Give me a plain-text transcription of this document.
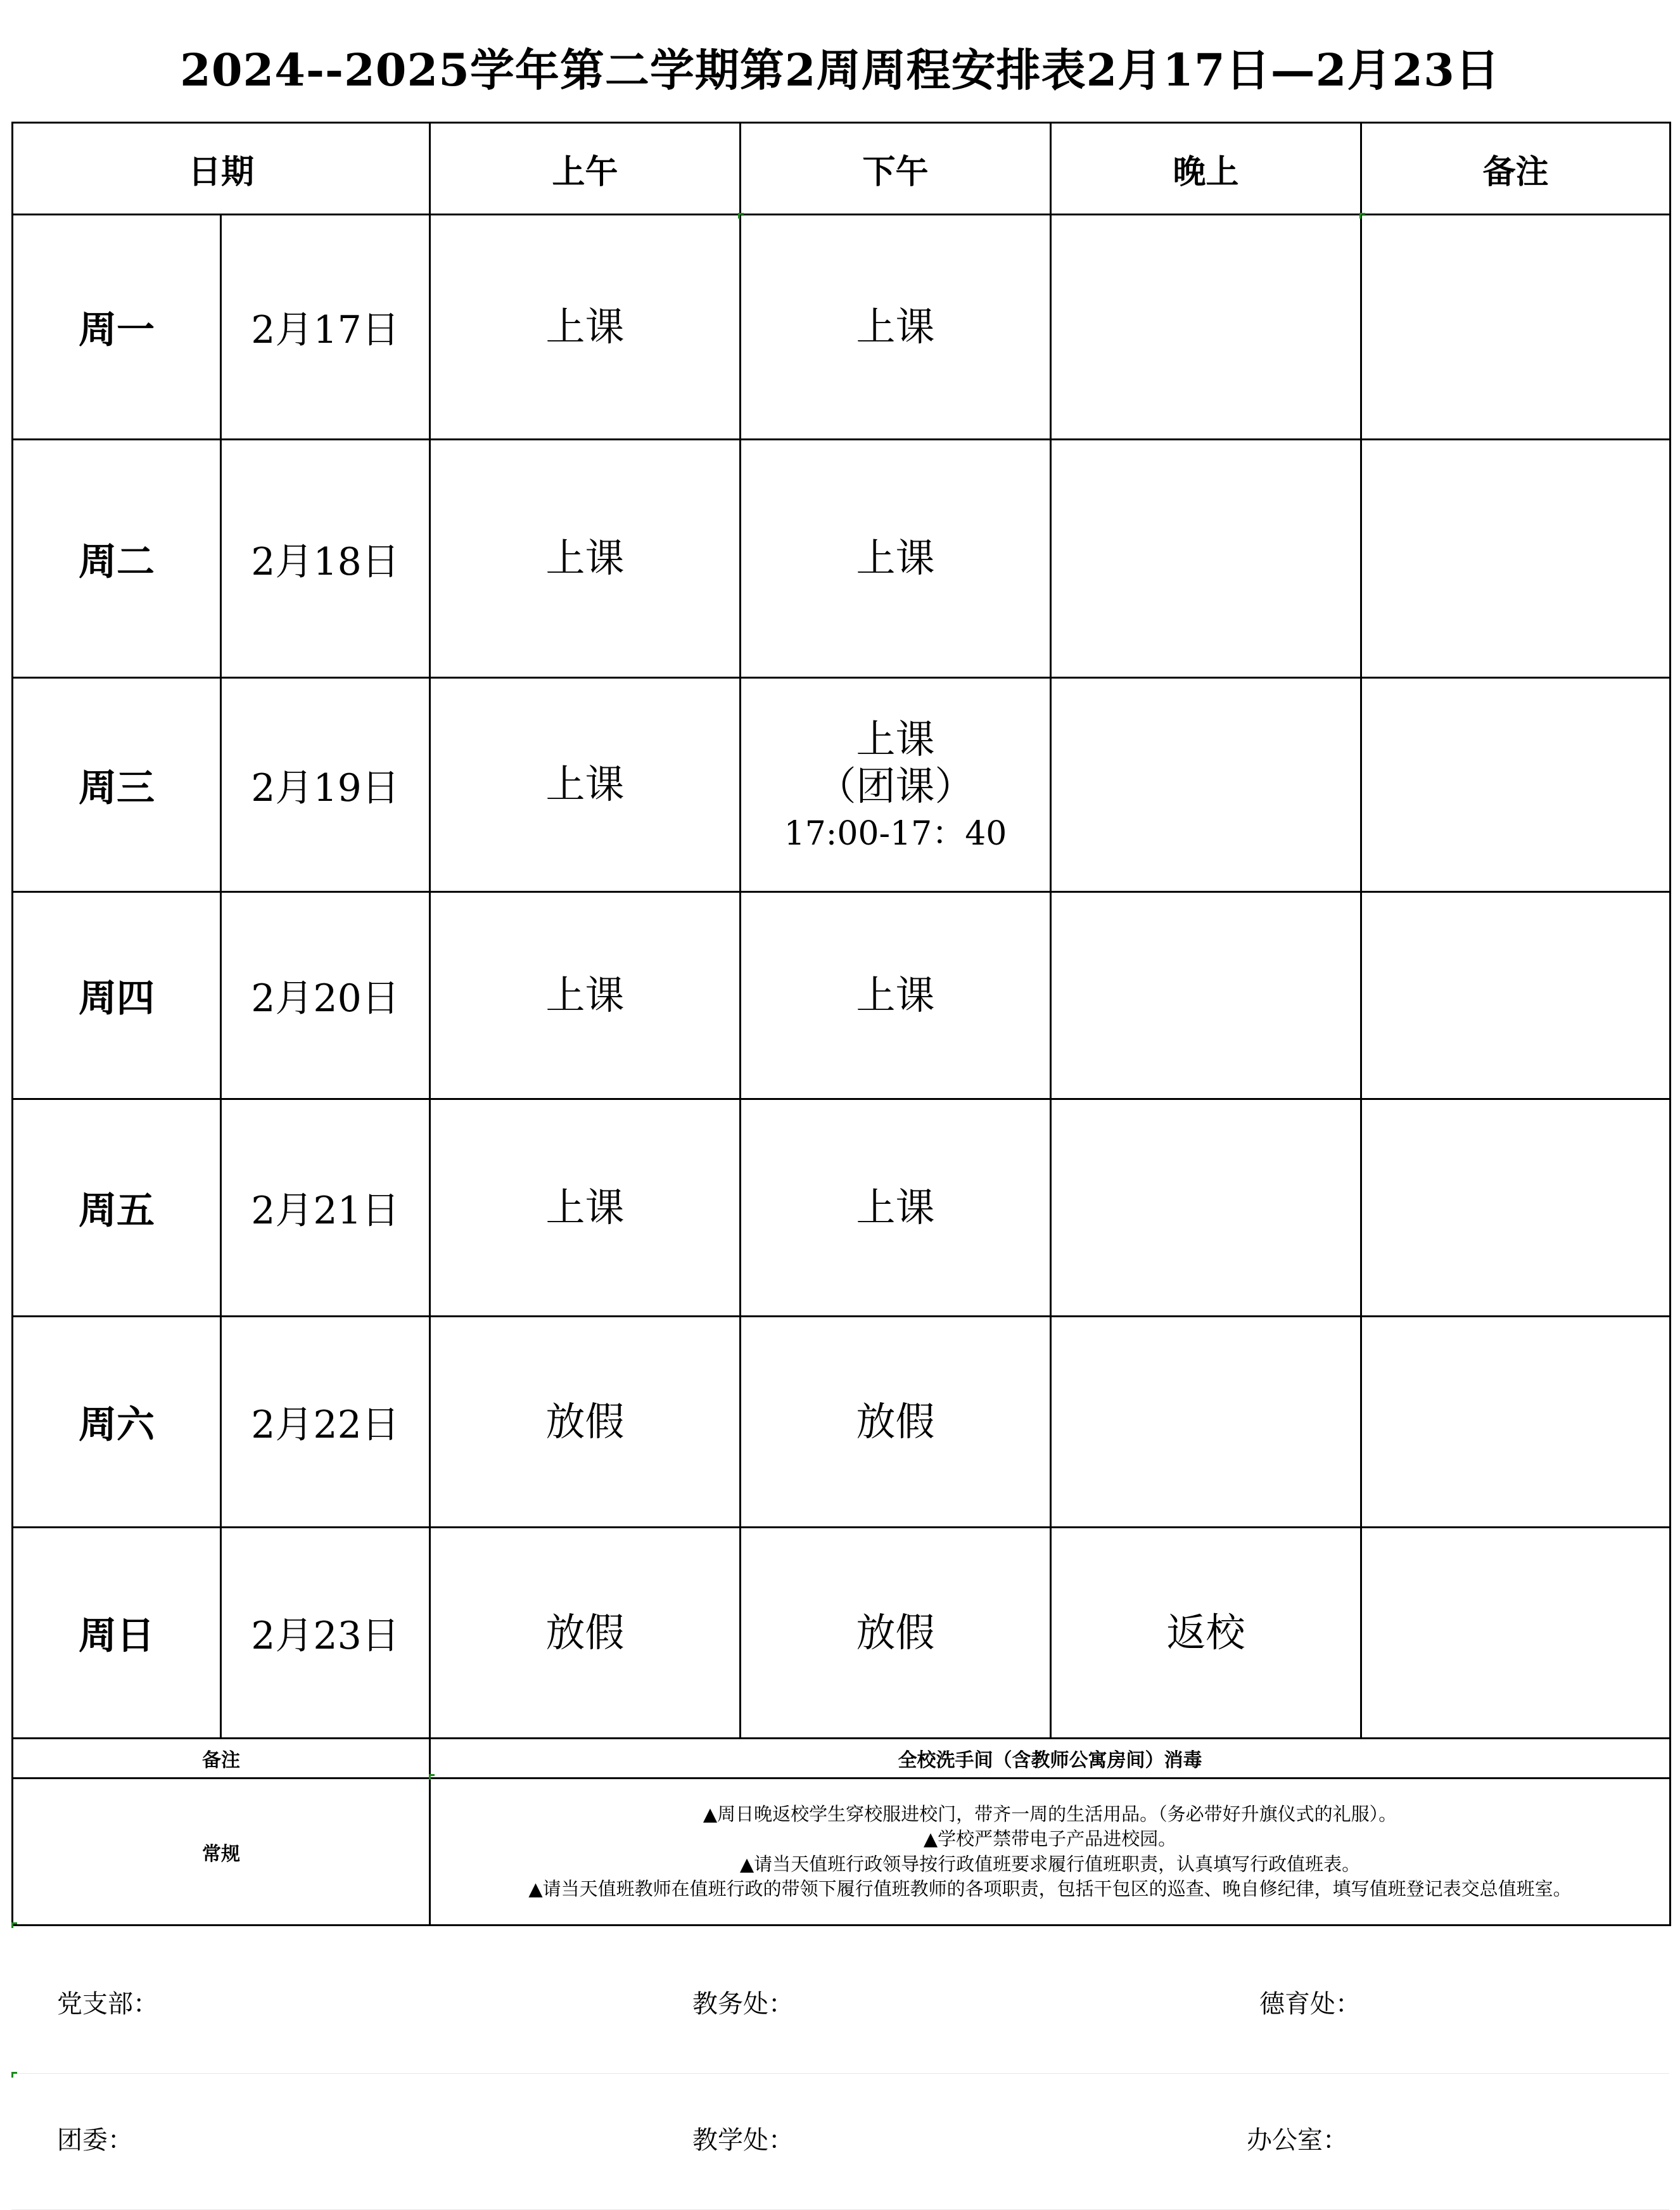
2024--2025学年第二学期第2周周程安排表2月17日—2月23日
日期		上午	下午	晚上	备注
周一	2月17日	上课	上课		
周二	2月18日	上课	上课		
周三	2月19日	上课	上课
（团课）
17:00-17：40		

周四	2月20日	上课	上课		
周五	2月21日	上课	上课		
周六	2月22日	放假	放假		
周日	2月23日	放假	放假	返校	
备注		全校洗手间（含教师公寓房间）消毒			
常规		▲周日晚返校学生穿校服进校门，带齐一周的生活用品。（务必带好升旗仪式的礼服）。
▲学校严禁带电子产品进校园。
▲请当天值班行政领导按行政值班要求履行值班职责，认真填写行政值班表。
▲请当天值班教师在值班行政的带领下履行值班教师的各项职责，包括干包区的巡查、晚自修纪律，填写值班登记表交总值班室。			
党支部：	教务处：	德育处：
团委：	教学处：	办公室：
